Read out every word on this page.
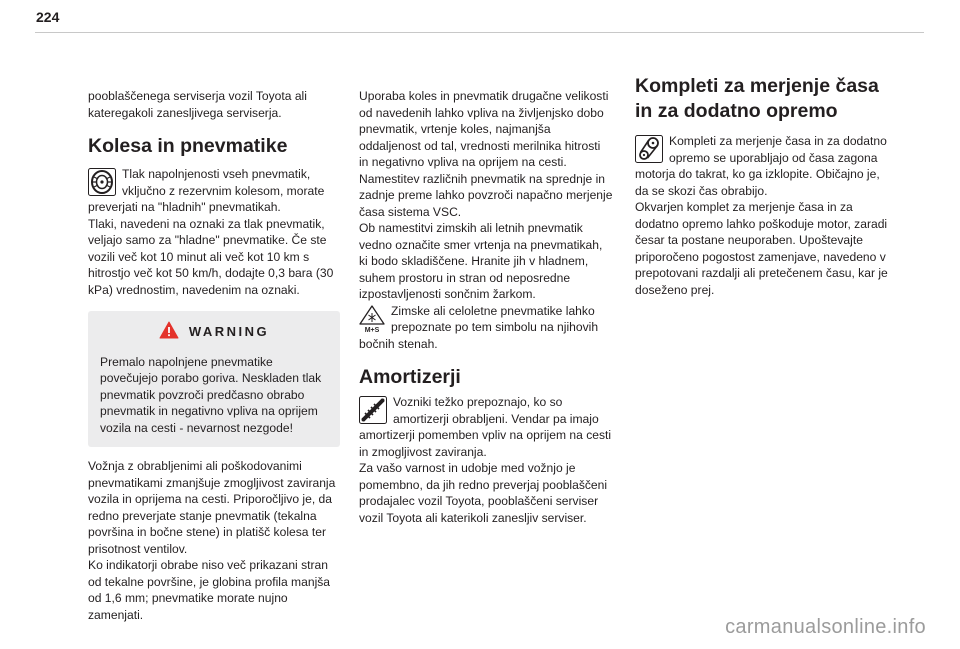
224

pooblaščenega serviserja vozil Toyota ali kateregakoli zanesljivega serviserja.

Kolesa in pnevmatike

Tlak napolnjenosti vseh pnevmatik, vključno z rezervnim kolesom, morate preverjati na "hladnih" pnevmatikah.

Tlaki, navedeni na oznaki za tlak pnevmatik, veljajo samo za "hladne" pnevmatike. Če ste vozili več kot 10 minut ali več kot 10 km s hitrostjo več kot 50 km/h, dodajte 0,3 bara (30 kPa) vrednostim, navedenim na oznaki.

WARNING

Premalo napolnjene pnevmatike povečujejo porabo goriva. Neskladen tlak pnevmatik povzroči predčasno obrabo pnevmatik in negativno vpliva na oprijem vozila na cesti - nevarnost nezgode!

Vožnja z obrabljenimi ali poškodovanimi pnevmatikami zmanjšuje zmogljivost zaviranja vozila in oprijema na cesti. Priporočljivo je, da redno preverjate stanje pnevmatik (tekalna površina in bočne stene) in platišč kolesa ter prisotnost ventilov.

Ko indikatorji obrabe niso več prikazani stran od tekalne površine, je globina profila manjša od 1,6 mm; pnevmatike morate nujno zamenjati.

Uporaba koles in pnevmatik drugačne velikosti od navedenih lahko vpliva na življenjsko dobo pnevmatik, vrtenje koles, najmanjša oddaljenost od tal, vrednosti merilnika hitrosti in negativno vpliva na oprijem na cesti.

Namestitev različnih pnevmatik na sprednje in zadnje preme lahko povzroči napačno merjenje časa sistema VSC.

Ob namestitvi zimskih ali letnih pnevmatik vedno označite smer vrtenja na pnevmatikah, ki bodo skladiščene. Hranite jih v hladnem, suhem prostoru in stran od neposredne izpostavljenosti sončnim žarkom.

M+S

Zimske ali celoletne pnevmatike lahko prepoznate po tem simbolu na njihovih bočnih stenah.

Amortizerji

Vozniki težko prepoznajo, ko so amortizerji obrabljeni. Vendar pa imajo amortizerji pomemben vpliv na oprijem na cesti in zmogljivost zaviranja.

Za vašo varnost in udobje med vožnjo je pomembno, da jih redno preverjaj pooblaščeni prodajalec vozil Toyota, pooblaščeni serviser vozil Toyota ali katerikoli zanesljiv serviser.

Kompleti za merjenje časa
in za dodatno opremo

Kompleti za merjenje časa in za dodatno opremo se uporabljajo od časa zagona motorja do takrat, ko ga izklopite. Običajno je, da se skozi čas obrabijo.

Okvarjen komplet za merjenje časa in za dodatno opremo lahko poškoduje motor, zaradi česar ta postane neuporaben. Upoštevajte priporočeno pogostost zamenjave, navedeno v prepotovani razdalji ali pretečenem času, kar je doseženo prej.

carmanualsonline.info
